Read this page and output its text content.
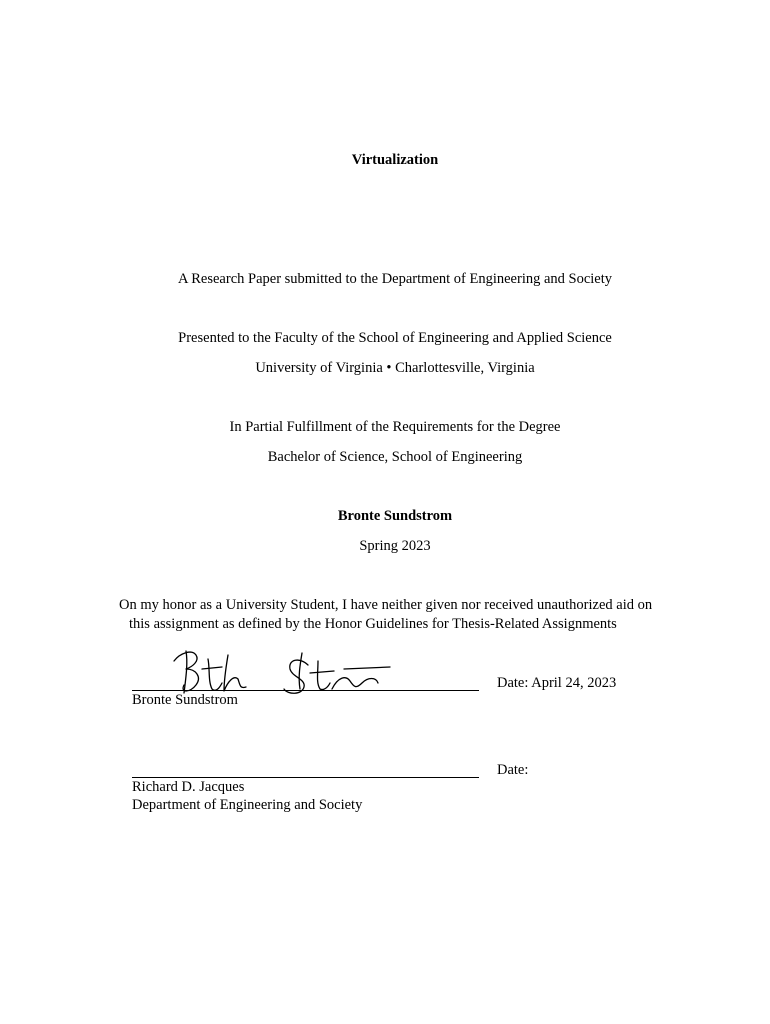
Virtualization
A Research Paper submitted to the Department of Engineering and Society
Presented to the Faculty of the School of Engineering and Applied Science
University of Virginia • Charlottesville, Virginia
In Partial Fulfillment of the Requirements for the Degree
Bachelor of Science, School of Engineering
Bronte Sundstrom
Spring 2023
On my honor as a University Student, I have neither given nor received unauthorized aid on
this assignment as defined by the Honor Guidelines for Thesis-Related Assignments
Date: April 24, 2023
Bronte Sundstrom
Date:
Richard D. Jacques
Department of Engineering and Society
